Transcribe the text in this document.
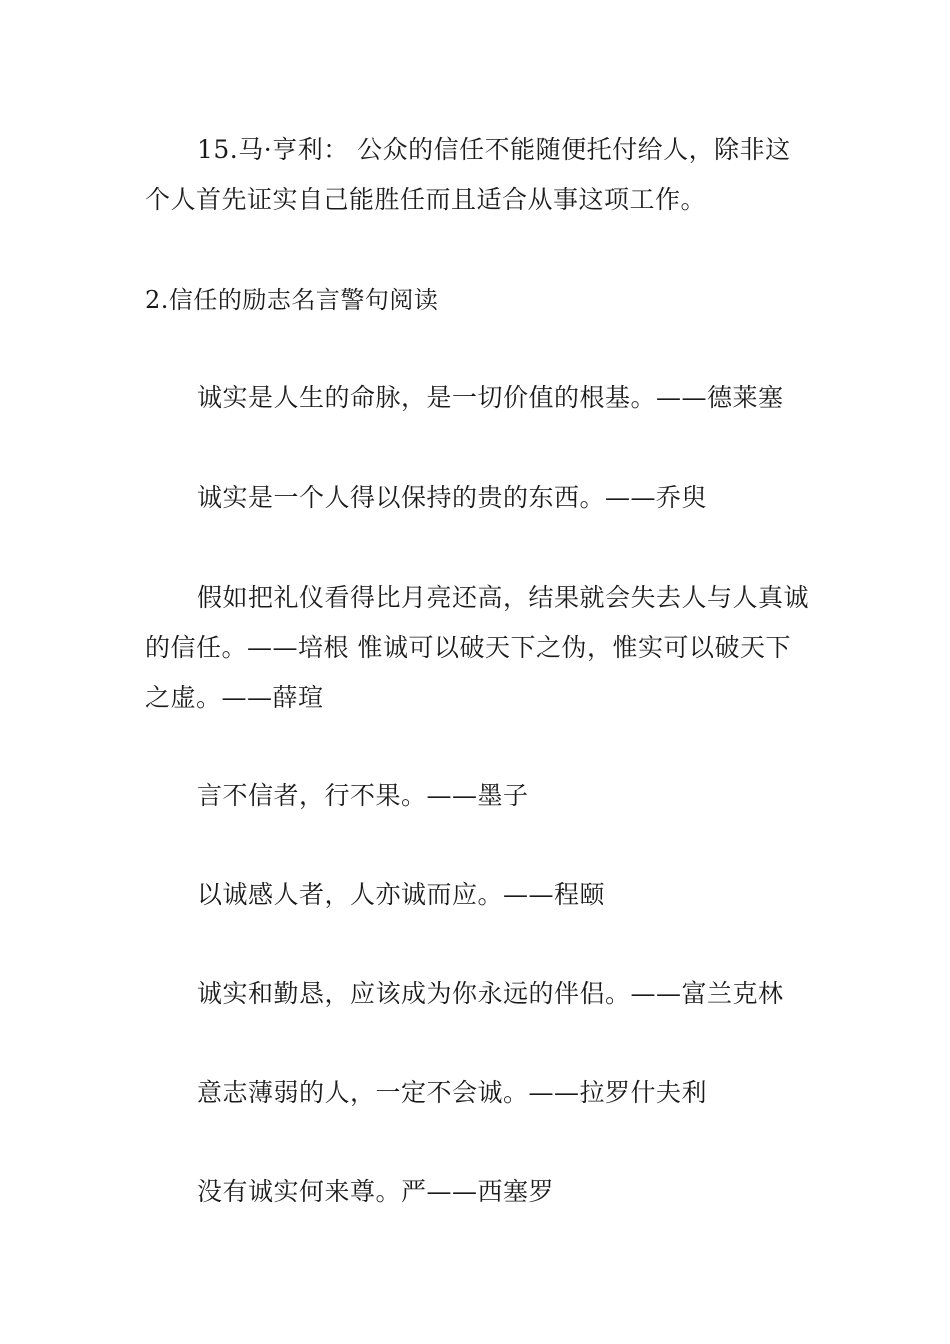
15.马·亨利： 公众的信任不能随便托付给人，除非这个人首先证实自己能胜任而且适合从事这项工作。

2.信任的励志名言警句阅读

诚实是人生的命脉，是一切价值的根基。——德莱塞

诚实是一个人得以保持的贵的东西。——乔臾

假如把礼仪看得比月亮还高，结果就会失去人与人真诚的信任。——培根 惟诚可以破天下之伪，惟实可以破天下之虚。——薛瑄

言不信者，行不果。——墨子

以诚感人者，人亦诚而应。——程颐

诚实和勤恳，应该成为你永远的伴侣。——富兰克林

意志薄弱的人，一定不会诚。——拉罗什夫利

没有诚实何来尊。严——西塞罗
